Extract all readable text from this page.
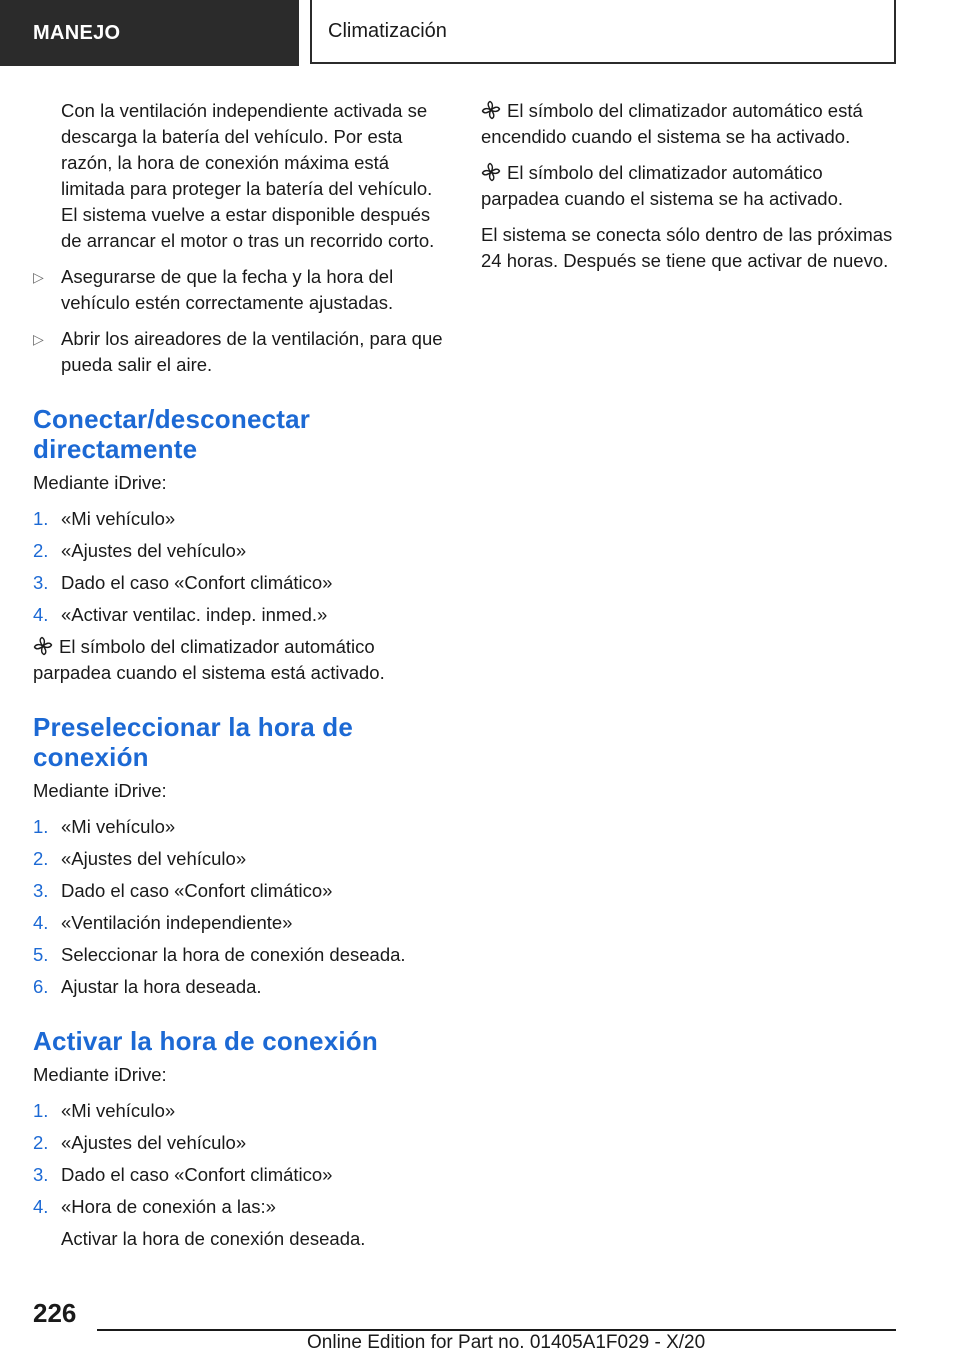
MANEJO	Climatización

Con la ventilación independiente activada se descarga la batería del vehículo. Por esta razón, la hora de conexión máxima está limitada para proteger la batería del vehículo. El sistema vuelve a estar disponible después de arrancar el motor o tras un recorrido corto.

▷ Asegurarse de que la fecha y la hora del vehículo estén correctamente ajustadas.
▷ Abrir los aireadores de la ventilación, para que pueda salir el aire.
Conectar/desconectar directamente

Mediante iDrive:

1. «Mi vehículo»
2. «Ajustes del vehículo»
3. Dado el caso «Confort climático»
4. «Activar ventilac. indep. inmed.»

El símbolo del climatizador automático parpadea cuando el sistema está activado.

Preseleccionar la hora de conexión

Mediante iDrive:

1. «Mi vehículo»
2. «Ajustes del vehículo»
3. Dado el caso «Confort climático»
4. «Ventilación independiente»
5. Seleccionar la hora de conexión deseada.
6. Ajustar la hora deseada.
Activar la hora de conexión

Mediante iDrive:

1. «Mi vehículo»
2. «Ajustes del vehículo»
3. Dado el caso «Confort climático»
4. «Hora de conexión a las:»

Activar la hora de conexión deseada.

El símbolo del climatizador automático está encendido cuando el sistema se ha activado.

El símbolo del climatizador automático parpadea cuando el sistema se ha activado.

El sistema se conecta sólo dentro de las próximas 24 horas. Después se tiene que activar de nuevo.

226
Online Edition for Part no. 01405A1F029 - X/20
